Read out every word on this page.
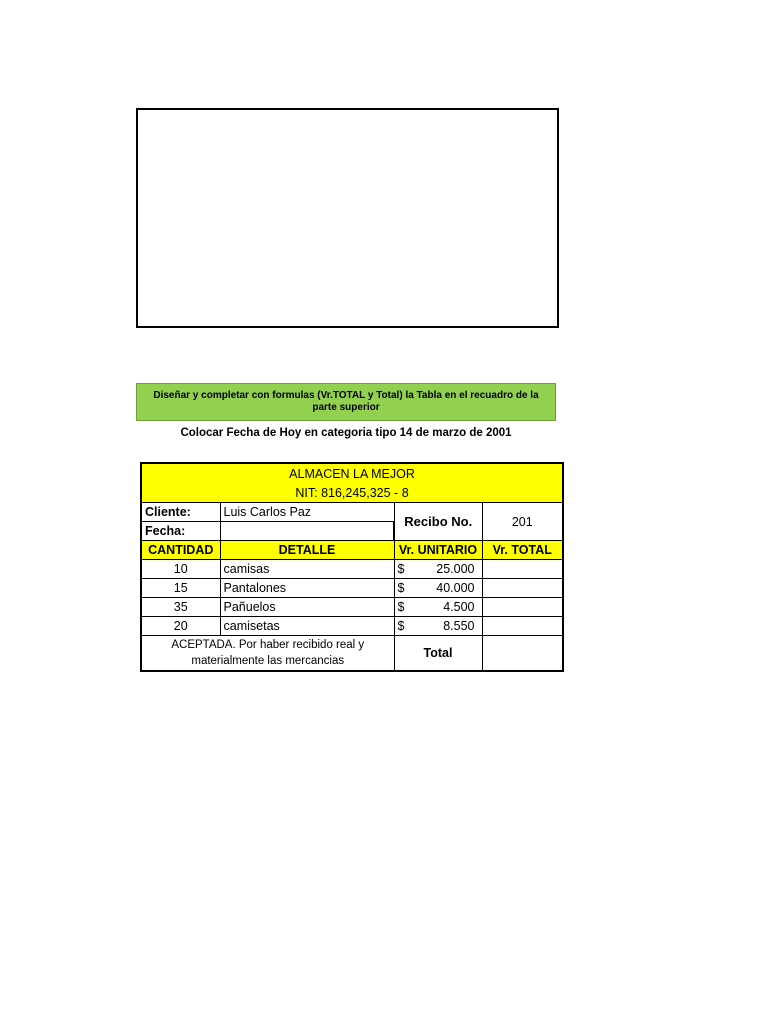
Diseñar y completar con formulas (Vr.TOTAL y Total) la Tabla en el recuadro de la parte superior
Colocar Fecha de Hoy en categoria tipo 14 de marzo de 2001
ALMACEN LA MEJOR			
NIT: 816,245,325 - 8			
Cliente:	Luis Carlos Paz	Recibo No.	201
Fecha:			
CANTIDAD	DETALLE	Vr. UNITARIO	Vr. TOTAL
10	camisas	$ 25.000	

15	Pantalones	$ 40.000	

35	Pañuelos	$ 4.500	

20	camisetas	$ 8.550	

ACEPTADA. Por haber recibido real y materialmente las mercancias		Total	
